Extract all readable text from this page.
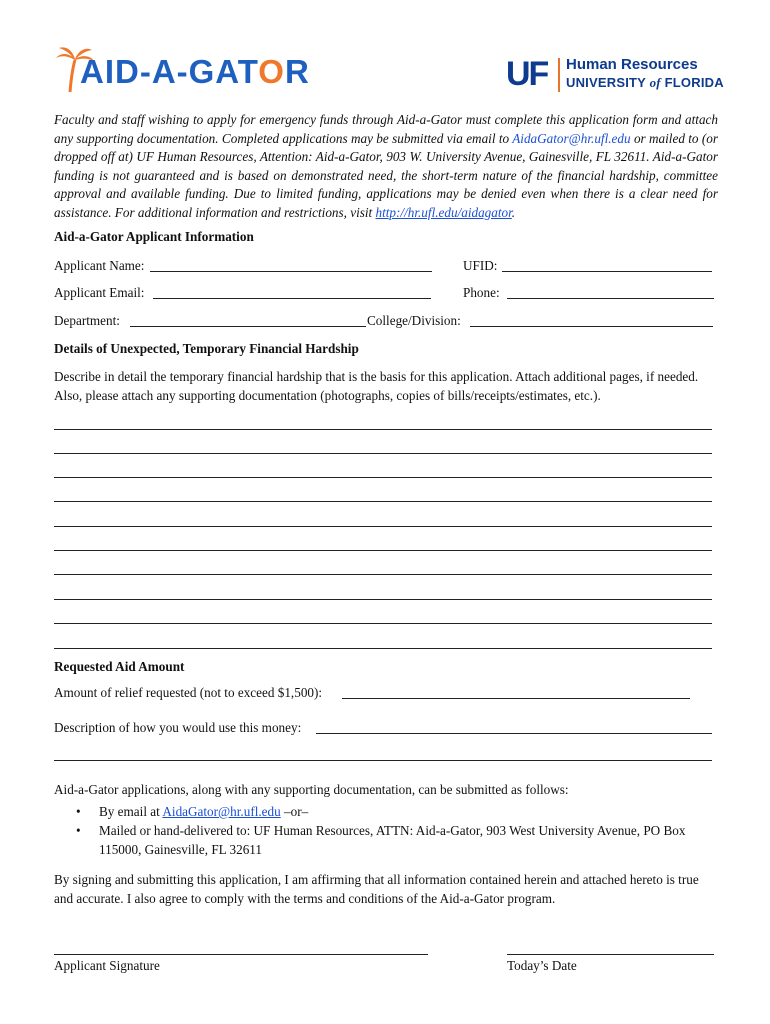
AID-A-GATOR	UF Human Resources
UNIVERSITY of FLORIDA
Faculty and staff wishing to apply for emergency funds through Aid-a-Gator must complete this application form and attach any supporting documentation. Completed applications may be submitted via email to AidaGator@hr.ufl.edu or mailed to (or dropped off at) UF Human Resources, Attention: Aid-a-Gator, 903 W. University Avenue, Gainesville, FL 32611. Aid-a-Gator funding is not guaranteed and is based on demonstrated need, the short-term nature of the financial hardship, committee approval and available funding. Due to limited funding, applications may be denied even when there is a clear need for assistance. For additional information and restrictions, visit http://hr.ufl.edu/aidagator.
Aid-a-Gator Applicant Information
Applicant Name:	UFID:
Applicant Email:	Phone:
Department:	College/Division:
Details of Unexpected, Temporary Financial Hardship
Describe in detail the temporary financial hardship that is the basis for this application. Attach additional pages, if needed. Also, please attach any supporting documentation (photographs, copies of bills/receipts/estimates, etc.).
Requested Aid Amount
Amount of relief requested (not to exceed $1,500):
Description of how you would use this money:
Aid-a-Gator applications, along with any supporting documentation, can be submitted as follows:
• By email at AidaGator@hr.ufl.edu –or–
• Mailed or hand-delivered to: UF Human Resources, ATTN: Aid-a-Gator, 903 West University Avenue, PO Box 115000, Gainesville, FL 32611
By signing and submitting this application, I am affirming that all information contained herein and attached hereto is true and accurate. I also agree to comply with the terms and conditions of the Aid-a-Gator program.
Applicant Signature	Today’s Date
